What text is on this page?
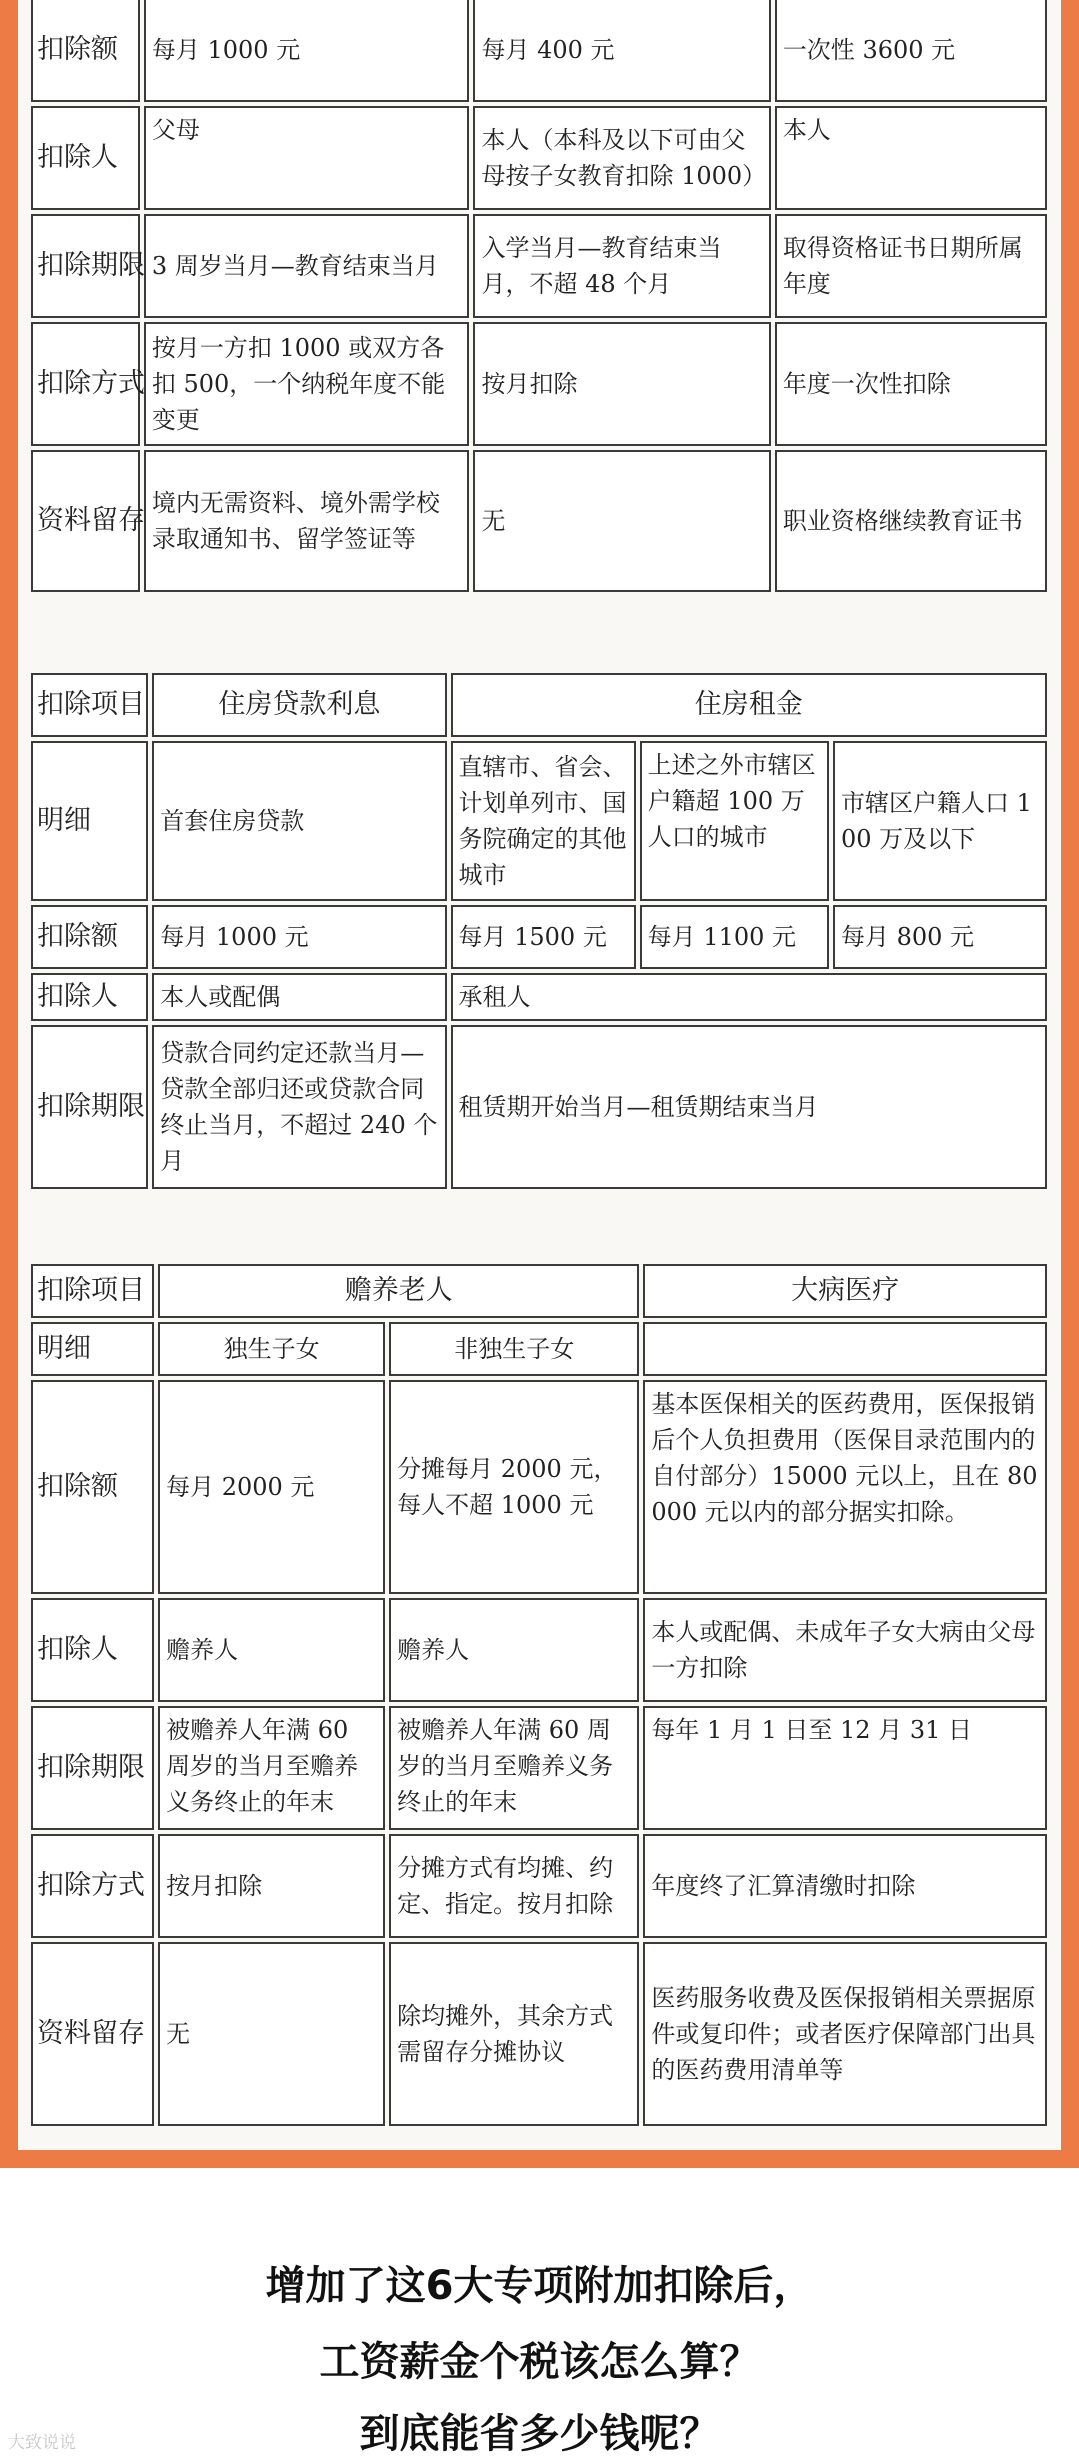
扣除额	每月 1000 元	每月 400 元	一次性 3600 元
扣除人	父母	本人（本科及以下可由父母按子女教育扣除 1000）	本人
扣除期限	3 周岁当月—教育结束当月	入学当月—教育结束当月，不超 48 个月	取得资格证书日期所属年度
扣除方式	按月一方扣 1000 或双方各扣 500，一个纳税年度不能变更	按月扣除	年度一次性扣除
资料留存	境内无需资料、境外需学校录取通知书、留学签证等	无	职业资格继续教育证书
扣除项目	住房贷款利息	住房租金		
明细	首套住房贷款	直辖市、省会、计划单列市、国务院确定的其他城市	上述之外市辖区户籍超 100 万人口的城市	市辖区户籍人口 100 万及以下
扣除额	每月 1000 元	每月 1500 元	每月 1100 元	每月 800 元
扣除人	本人或配偶	承租人		
扣除期限	贷款合同约定还款当月—贷款全部归还或贷款合同终止当月，不超过 240 个月	租赁期开始当月—租赁期结束当月		
扣除项目	赡养老人		大病医疗
明细	独生子女	非独生子女	
扣除额	每月 2000 元	分摊每月 2000 元，每人不超 1000 元	基本医保相关的医药费用，医保报销后个人负担费用（医保目录范围内的自付部分）15000 元以上，且在 80000 元以内的部分据实扣除。
扣除人	赡养人	赡养人	本人或配偶、未成年子女大病由父母一方扣除
扣除期限	被赡养人年满 60 周岁的当月至赡养义务终止的年末	被赡养人年满 60 周岁的当月至赡养义务终止的年末	每年 1 月 1 日至 12 月 31 日
扣除方式	按月扣除	分摊方式有均摊、约定、指定。按月扣除	年度终了汇算清缴时扣除
资料留存	无	除均摊外，其余方式需留存分摊协议	医药服务收费及医保报销相关票据原件或复印件；或者医疗保障部门出具的医药费用清单等
增加了这6大专项附加扣除后，
工资薪金个税该怎么算？
到底能省多少钱呢？
大致说说
